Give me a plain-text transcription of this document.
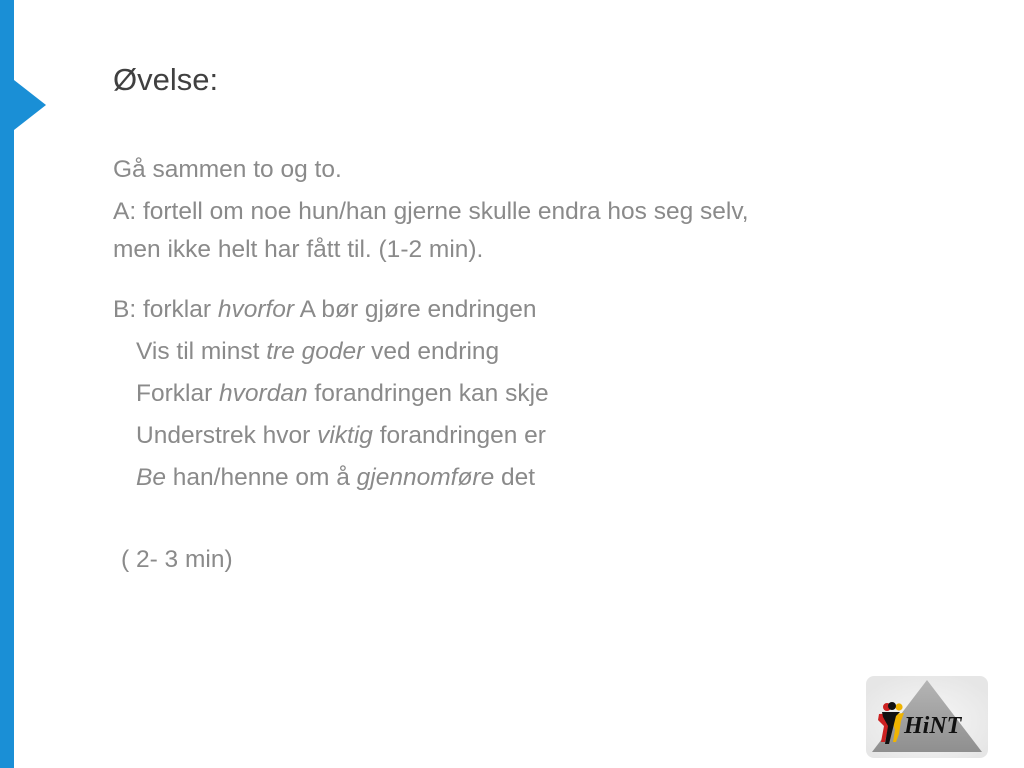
Øvelse:
Gå sammen to og to.
A: fortell om noe hun/han gjerne skulle endra hos seg selv,
men ikke helt har fått til. (1-2 min).
B: forklar hvorfor A bør gjøre endringen
Vis til minst tre goder ved endring
Forklar hvordan forandringen kan skje
Understrek hvor viktig forandringen er
Be han/henne om å gjennomføre det
( 2- 3 min)
HiNT
